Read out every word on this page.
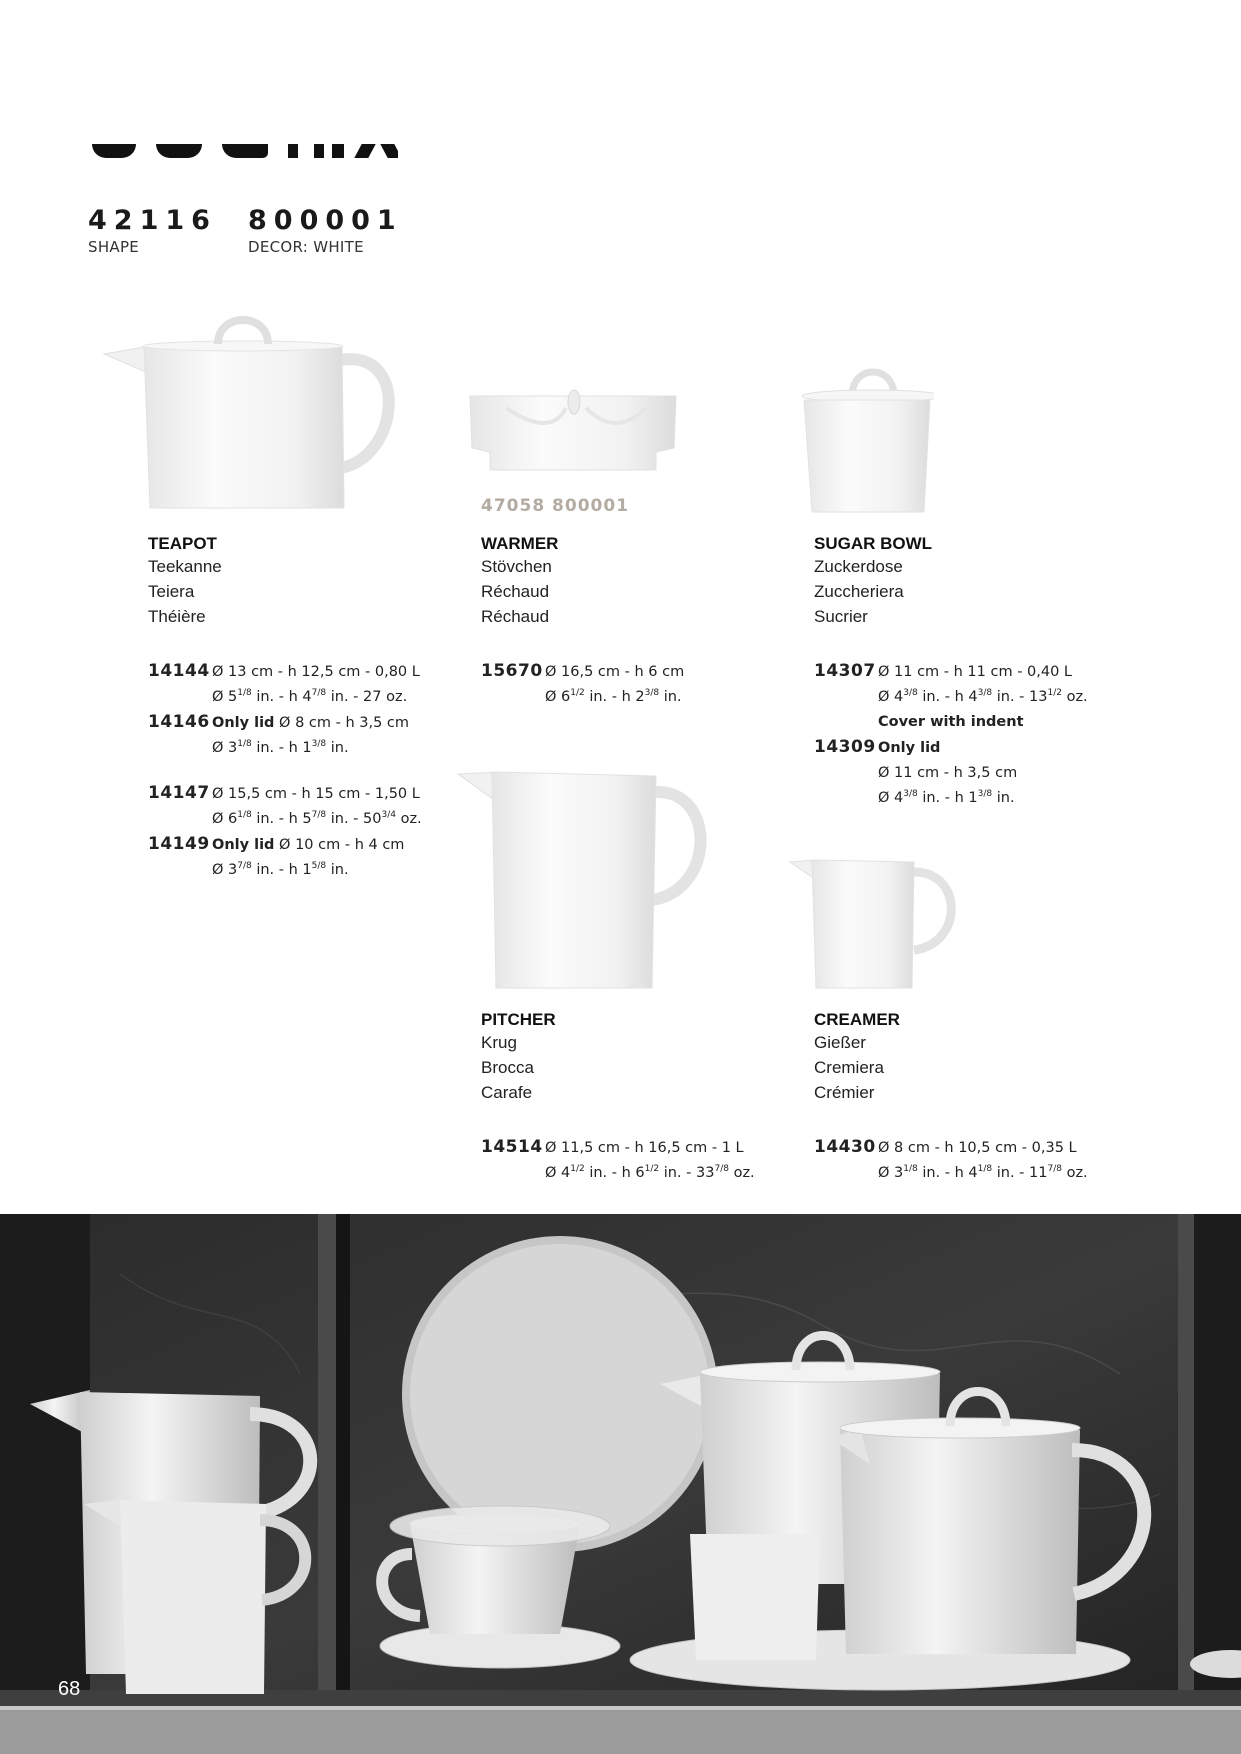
42116
SHAPE
800001
DECOR: WHITE
47058 800001
TEAPOT
Teekanne
Teiera
Théière
14144 Ø 13 cm - h 12,5 cm - 0,80 L
Ø $5^{1/8}$ in. - h $4^{7/8}$ in. - 27 oz.
14146 Only lid Ø 8 cm - h 3,5 cm
Ø $3^{1/8}$ in. - h $1^{3/8}$ in.
14147 Ø 15,5 cm - h 15 cm - 1,50 L
Ø $6^{1/8}$ in. - h $5^{7/8}$ in. - $50^{3/4}$ oz.
14149 Only lid Ø 10 cm - h 4 cm
Ø $3^{7/8}$ in. - h $1^{5/8}$ in.
WARMER
Stövchen
Réchaud
Réchaud
15670 Ø 16,5 cm - h 6 cm
Ø $6^{1/2}$ in. - h $2^{3/8}$ in.
SUGAR BOWL
Zuckerdose
Zuccheriera
Sucrier
14307 Ø 11 cm - h 11 cm - 0,40 L
Ø $4^{3/8}$ in. - h $4^{3/8}$ in. - $13^{1/2}$ oz.
Cover with indent
14309 Only lid
Ø 11 cm - h 3,5 cm
Ø $4^{3/8}$ in. - h $1^{3/8}$ in.
PITCHER
Krug
Brocca
Carafe
14514 Ø 11,5 cm - h 16,5 cm - 1 L
Ø $4^{1/2}$ in. - h $6^{1/2}$ in. - $33^{7/8}$ oz.
CREAMER
Gießer
Cremiera
Crémier
14430 Ø 8 cm - h 10,5 cm - 0,35 L
Ø $3^{1/8}$ in. - h $4^{1/8}$ in. - $11^{7/8}$ oz.
68
